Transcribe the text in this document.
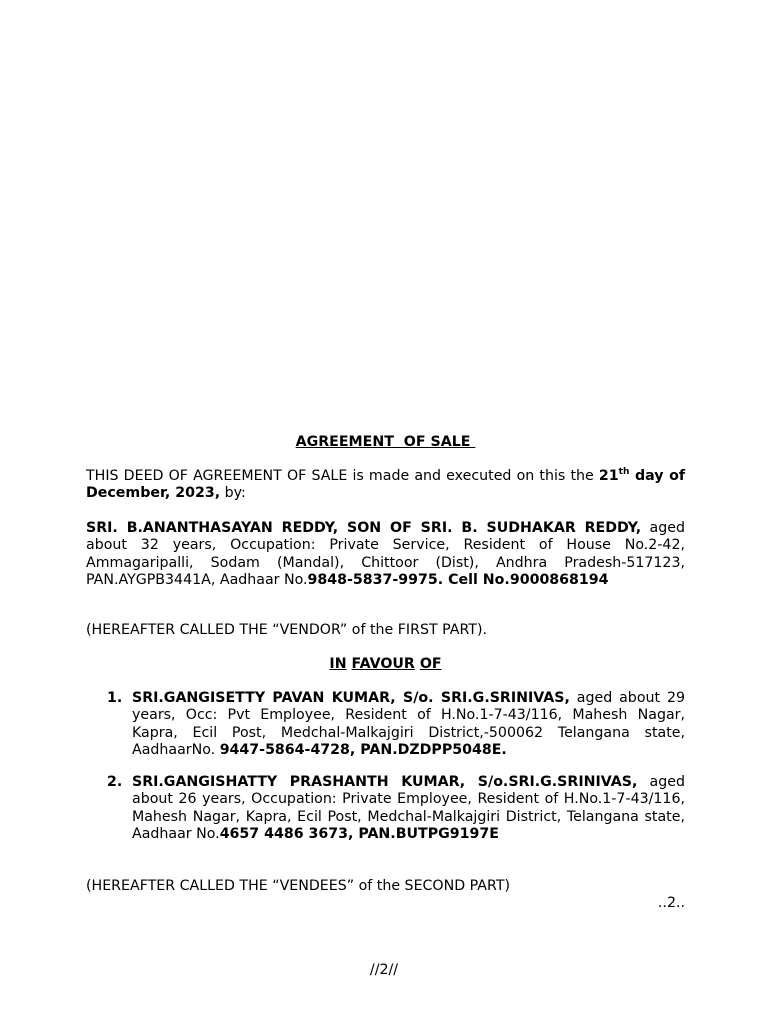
AGREEMENT  OF SALE

THIS DEED OF AGREEMENT OF SALE is made and executed on this the 21th day of December, 2023, by:

SRI. B.ANANTHASAYAN REDDY, SON OF SRI. B. SUDHAKAR REDDY, aged about 32 years, Occupation: Private Service, Resident of House No.2-42, Ammagaripalli, Sodam (Mandal), Chittoor (Dist), Andhra Pradesh-517123, PAN.AYGPB3441A, Aadhaar No.9848-5837-9975. Cell No.9000868194

(HEREAFTER CALLED THE “VENDOR” of the FIRST PART).

IN FAVOUR OF

1. SRI.GANGISETTY PAVAN KUMAR, S/o. SRI.G.SRINIVAS, aged about 29 years, Occ: Pvt Employee, Resident of H.No.1-7-43/116, Mahesh Nagar, Kapra, Ecil Post, Medchal-Malkajgiri District,-500062 Telangana state, AadhaarNo. 9447-5864-4728, PAN.DZDPP5048E.
2. SRI.GANGISHATTY PRASHANTH KUMAR, S/o.SRI.G.SRINIVAS, aged about 26 years, Occupation: Private Employee, Resident of H.No.1-7-43/116, Mahesh Nagar, Kapra, Ecil Post, Medchal-Malkajgiri District, Telangana state, Aadhaar No.4657 4486 3673, PAN.BUTPG9197E

(HEREAFTER CALLED THE “VENDEES” of the SECOND PART)

..2..
//2//
